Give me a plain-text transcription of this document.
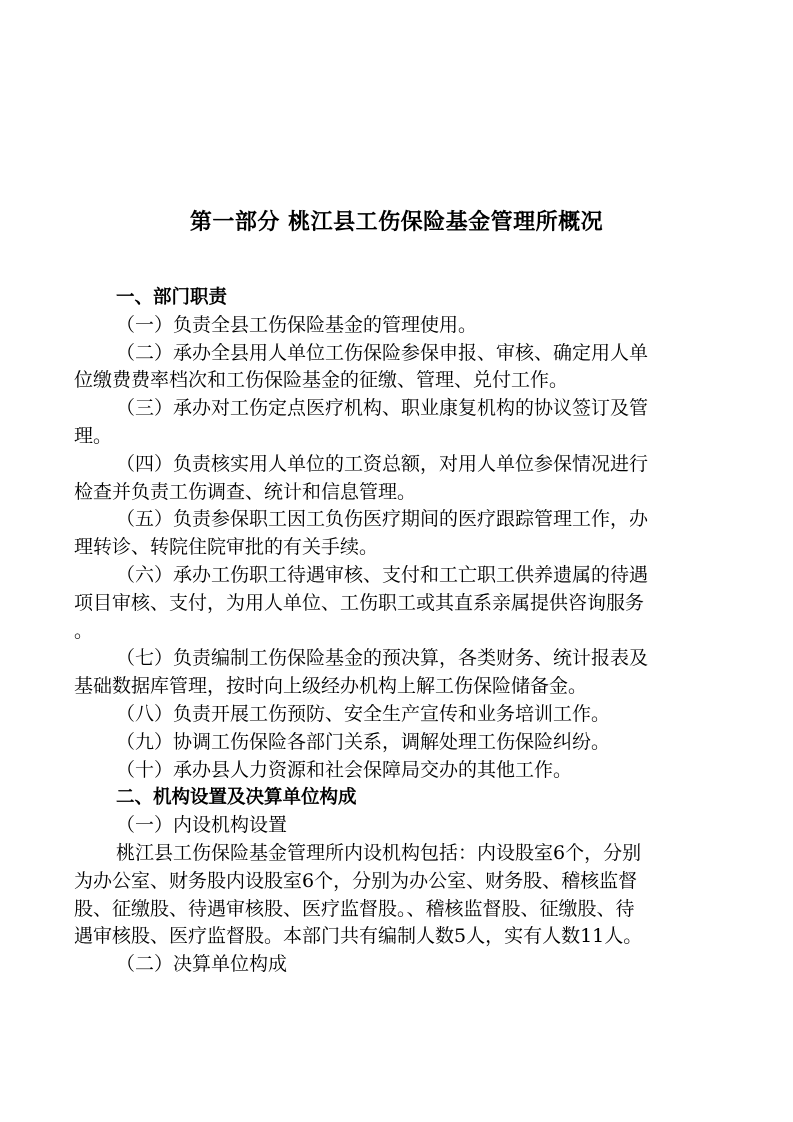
第一部分 桃江县工伤保险基金管理所概况

一、部门职责

（一）负责全县工伤保险基金的管理使用。

（二）承办全县用人单位工伤保险参保申报、审核、确定用人单

位缴费费率档次和工伤保险基金的征缴、管理、兑付工作。

（三）承办对工伤定点医疗机构、职业康复机构的协议签订及管

理。

（四）负责核实用人单位的工资总额，对用人单位参保情况进行

检查并负责工伤调查、统计和信息管理。

（五）负责参保职工因工负伤医疗期间的医疗跟踪管理工作，办

理转诊、转院住院审批的有关手续。

（六）承办工伤职工待遇审核、支付和工亡职工供养遗属的待遇

项目审核、支付，为用人单位、工伤职工或其直系亲属提供咨询服务

。

（七）负责编制工伤保险基金的预决算，各类财务、统计报表及

基础数据库管理，按时向上级经办机构上解工伤保险储备金。

（八）负责开展工伤预防、安全生产宣传和业务培训工作。

（九）协调工伤保险各部门关系，调解处理工伤保险纠纷。

（十）承办县人力资源和社会保障局交办的其他工作。

二、机构设置及决算单位构成

（一）内设机构设置

桃江县工伤保险基金管理所内设机构包括：内设股室6个，分别

为办公室、财务股内设股室6个，分别为办公室、财务股、稽核监督

股、征缴股、待遇审核股、医疗监督股。、稽核监督股、征缴股、待

遇审核股、医疗监督股。本部门共有编制人数5人，实有人数11人。

（二）决算单位构成
